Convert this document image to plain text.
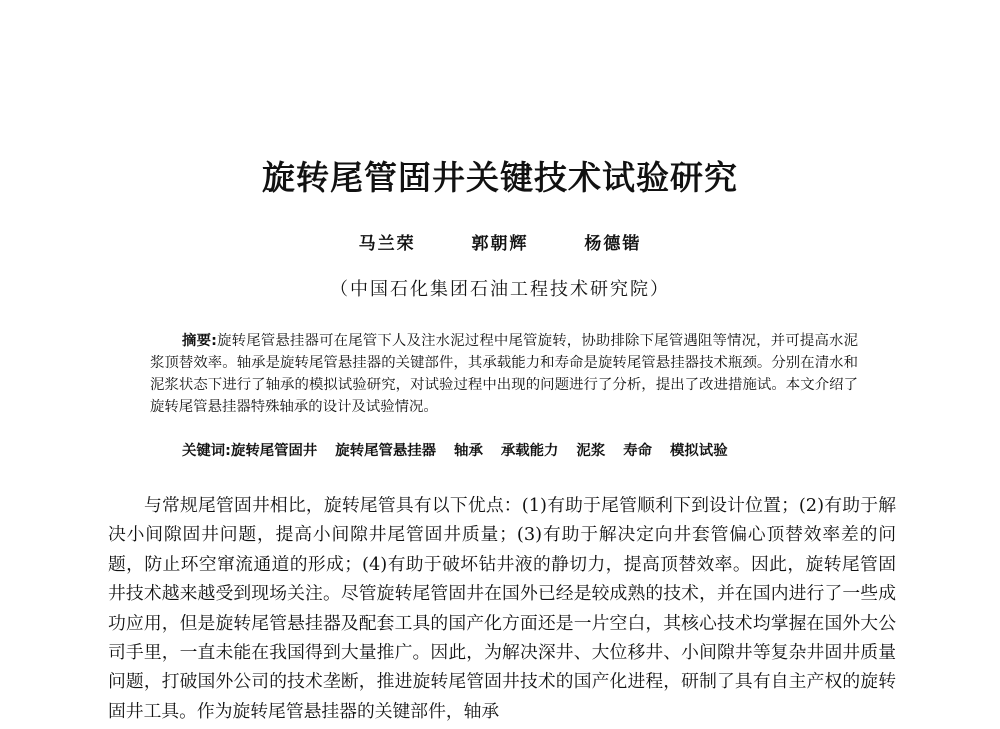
旋转尾管固井关键技术试验研究
马兰荣	郭朝辉	杨德锴
（中国石化集团石油工程技术研究院）

摘要:旋转尾管悬挂器可在尾管下人及注水泥过程中尾管旋转，协助排除下尾管遇阻等情况，并可提高水泥浆顶替效率。轴承是旋转尾管悬挂器的关键部件，其承载能力和寿命是旋转尾管悬挂器技术瓶颈。分别在清水和泥浆状态下进行了轴承的模拟试验研究，对试验过程中出现的问题进行了分析，提出了改进措施试。本文介绍了旋转尾管悬挂器特殊轴承的设计及试验情况。

关键词:旋转尾管固井 旋转尾管悬挂器 轴承 承载能力 泥浆 寿命 模拟试验

与常规尾管固井相比，旋转尾管具有以下优点：(1)有助于尾管顺利下到设计位置；(2)有助于解决小间隙固井问题，提高小间隙井尾管固井质量；(3)有助于解决定向井套管偏心顶替效率差的问题，防止环空窜流通道的形成；(4)有助于破坏钻井液的静切力，提高顶替效率。因此，旋转尾管固井技术越来越受到现场关注。尽管旋转尾管固井在国外已经是较成熟的技术，并在国内进行了一些成功应用，但是旋转尾管悬挂器及配套工具的国产化方面还是一片空白，其核心技术均掌握在国外大公司手里，一直未能在我国得到大量推广。因此，为解决深井、大位移井、小间隙井等复杂井固井质量问题，打破国外公司的技术垄断，推进旋转尾管固井技术的国产化进程，研制了具有自主产权的旋转固井工具。作为旋转尾管悬挂器的关键部件，轴承
